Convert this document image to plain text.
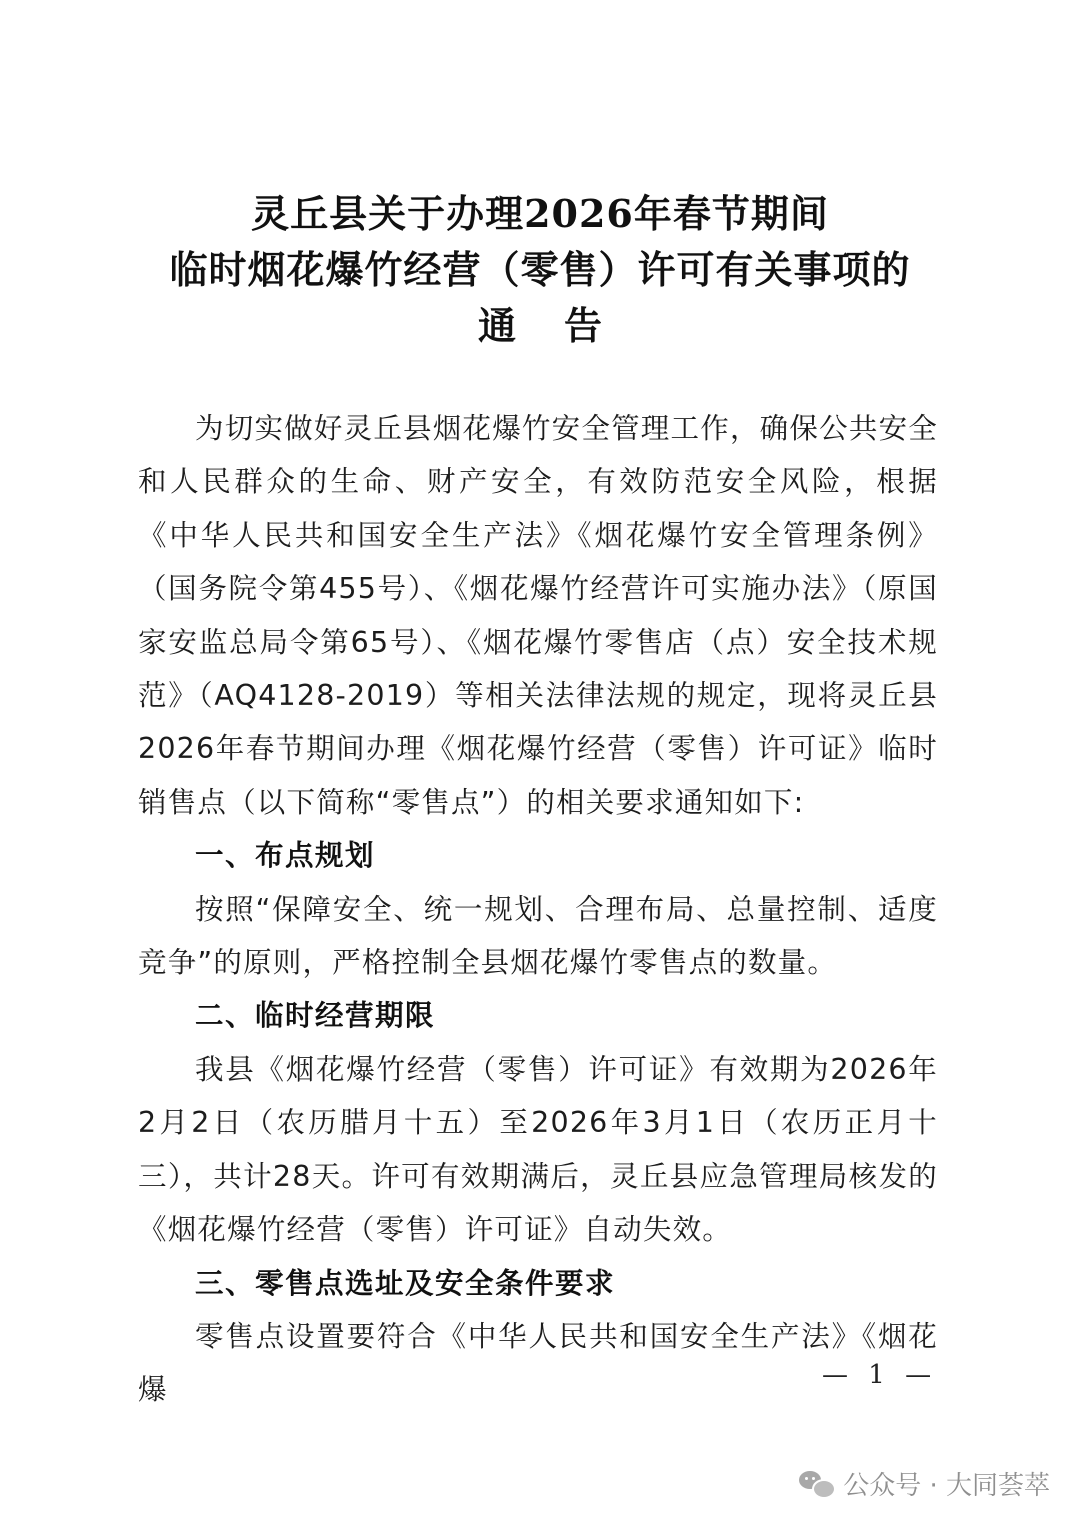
灵丘县关于办理2026年春节期间
临时烟花爆竹经营（零售）许可有关事项的
通告

为切实做好灵丘县烟花爆竹安全管理工作，确保公共安全和人民群众的生命、财产安全，有效防范安全风险，根据《中华人民共和国安全生产法》《烟花爆竹安全管理条例》（国务院令第455号）、《烟花爆竹经营许可实施办法》（原国家安监总局令第65号）、《烟花爆竹零售店（点）安全技术规范》（AQ4128-2019）等相关法律法规的规定，现将灵丘县2026年春节期间办理《烟花爆竹经营（零售）许可证》临时销售点（以下简称“零售点”）的相关要求通知如下:

一、布点规划

按照“保障安全、统一规划、合理布局、总量控制、适度竞争”的原则，严格控制全县烟花爆竹零售点的数量。

二、临时经营期限

我县《烟花爆竹经营（零售）许可证》有效期为2026年2月2日（农历腊月十五）至2026年3月1日（农历正月十三），共计28天。许可有效期满后，灵丘县应急管理局核发的《烟花爆竹经营（零售）许可证》自动失效。

三、零售点选址及安全条件要求

零售点设置要符合《中华人民共和国安全生产法》《烟花爆	— 1 —
公众号 · 大同荟萃
